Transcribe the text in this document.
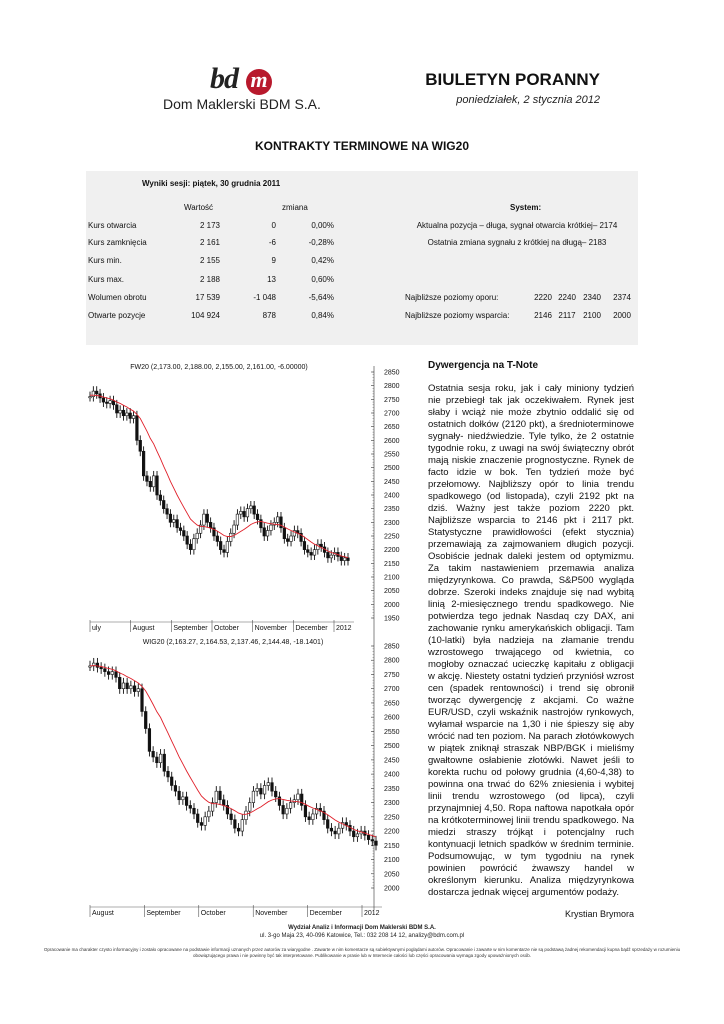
bd m
Dom Maklerski BDM S.A.
BIULETYN PORANNY
poniedziałek, 2 stycznia 2012
KONTRAKTY TERMINOWE NA WIG20
Wyniki sesji: piątek, 30 grudnia 2011
Wartość	zmiana	System:
Kurs otwarcia	2 173	0	0,00%	Aktualna pozycja – długa, sygnał otwarcia krótkiej– 2174
Kurs zamknięcia	2 161	-6	-0,28%	Ostatnia zmiana sygnału z krótkiej na długą– 2183
Kurs min.	2 155	9	0,42%
Kurs max.	2 188	13	0,60%
Wolumen obrotu	17 539	-1 048	-5,64%	Najbliższe poziomy oporu:	2220 2240 2340	2374
Otwarte pozycje	104 924	878	0,84%	Najbliższe poziomy wsparcia:	2146 2117 2100	2000
FW20 (2,173.00, 2,188.00, 2,155.00, 2,161.00, -6.00000)
2850
2800
2750
2700
2650
2600
2550
2500
2450
2400
2350
2300
2250
2200
2150
2100
2050
2000
1950
uly	August	September October November December 2012
WIG20 (2,163.27, 2,164.53, 2,137.46, 2,144.48, -18.1401)
2850
2800
2750
2700
2650
2600
2550
2500
2450
2400
2350
2300
2250
2200
2150
2100
2050
2000
August	September	October	November	December	2012
Dywergencja na T-Note

Ostatnia sesja roku, jak i cały miniony tydzień nie przebiegł tak jak oczekiwałem. Rynek jest słaby i wciąż nie może zbytnio oddalić się od ostatnich dołków (2120 pkt), a średnioterminowe sygnały- niedźwiedzie. Tyle tylko, że 2 ostatnie tygodnie roku, z uwagi na swój świąteczny obrót mają niskie znaczenie prognostyczne. Rynek de facto idzie w bok. Ten tydzień może być przełomowy. Najbliższy opór to linia trendu spadkowego (od listopada), czyli 2192 pkt na dziś. Ważny jest także poziom 2220 pkt. Najbliższe wsparcia to 2146 pkt i 2117 pkt. Statystyczne prawidłowości (efekt stycznia) przemawiają za zajmowaniem długich pozycji. Osobiście jednak daleki jestem od optymizmu. Za takim nastawieniem przemawia analiza międzyrynkowa. Co prawda, S&P500 wygląda dobrze. Szeroki indeks znajduje się nad wybitą linią 2-miesięcznego trendu spadkowego. Nie potwierdza tego jednak Nasdaq czy DAX, ani zachowanie rynku amerykańskich obligacji. Tam (10-latki) była nadzieja na złamanie trendu wzrostowego trwającego od kwietnia, co mogłoby oznaczać ucieczkę kapitału z obligacji w akcję. Niestety ostatni tydzień przyniósł wzrost cen (spadek rentowności) i trend się obronił tworząc dywergencję z akcjami. Co ważne EUR/USD, czyli wskaźnik nastrojów rynkowych, wyłamał wsparcie na 1,30 i nie śpieszy się aby wrócić nad ten poziom. Na parach złotówkowych w piątek zniknął straszak NBP/BGK i mieliśmy gwałtowne osłabienie złotówki. Nawet jeśli to korekta ruchu od połowy grudnia (4,60-4,38) to powinna ona trwać do 62% zniesienia i wybitej linii trendu wzrostowego (od lipca), czyli przynajmniej 4,50. Ropa naftowa napotkała opór na krótkoterminowej linii trendu spadkowego. Na miedzi straszy trójkąt i potencjalny ruch kontynuacji letnich spadków w średnim terminie. Podsumowując, w tym tygodniu na rynek powinien powrócić żwawszy handel w określonym kierunku. Analiza międzyrynkowa dostarcza jednak więcej argumentów podaży.

Krystian Brymora
Wydział Analiz i Informacji Dom Maklerski BDM S.A.
ul. 3-go Maja 23, 40-096 Katowice, Tel.: 032 208 14 12, analizy@bdm.com.pl
Opracowanie ma charakter czysto informacyjny i zostało opracowane na podstawie informacji uznanych przez autorów za wiarygodne . Zawarte w nim komentarze są subiektywnymi poglądami autorów. Opracowanie i zawarte w nim komentarze nie są podstawą żadnej rekomendacji kupna bądź sprzedaży w rozumieniu obowiązującego prawa i nie powinny być tak interpretowane. Publikowanie w prasie lub w Internecie całości lub części opracowania wymaga zgody upoważnionych osób.
